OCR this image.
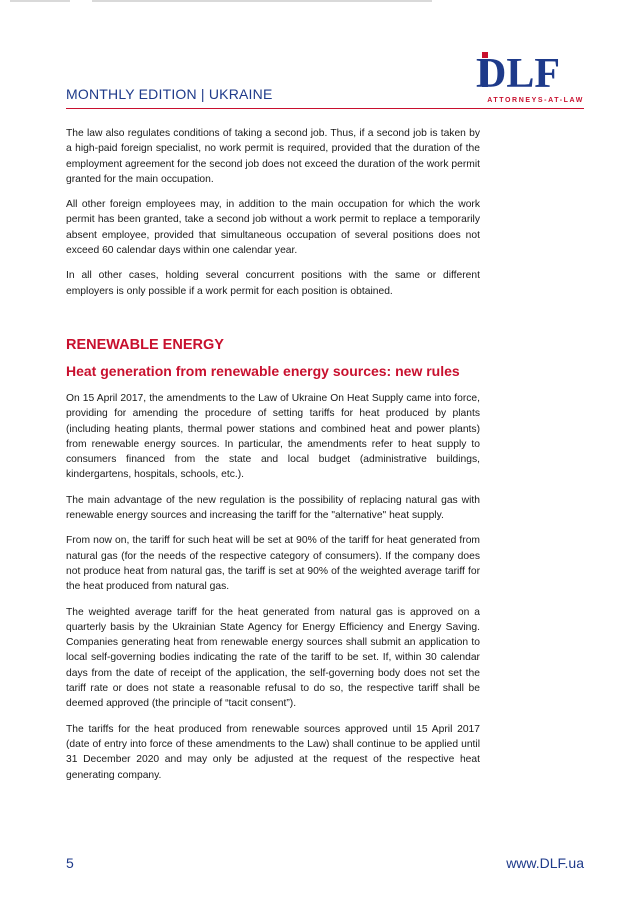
MONTHLY EDITION | UKRAINE	DLF
ATTORNEYS-AT-LAW

The law also regulates conditions of taking a second job. Thus, if a second job is taken by a high-paid foreign specialist, no work permit is required, provided that the duration of the employment agreement for the second job does not exceed the duration of the work permit granted for the main occupation.

All other foreign employees may, in addition to the main occupation for which the work permit has been granted, take a second job without a work permit to replace a temporarily absent employee, provided that simultaneous occupation of several positions does not exceed 60 calendar days within one calendar year.

In all other cases, holding several concurrent positions with the same or different employers is only possible if a work permit for each position is obtained.

RENEWABLE ENERGY
Heat generation from renewable energy sources: new rules

On 15 April 2017, the amendments to the Law of Ukraine On Heat Supply came into force, providing for amending the procedure of setting tariffs for heat produced by plants (including heating plants, thermal power stations and combined heat and power plants) from renewable energy sources. In particular, the amendments refer to heat supply to consumers financed from the state and local budget (administrative buildings, kindergartens, hospitals, schools, etc.).

The main advantage of the new regulation is the possibility of replacing natural gas with renewable energy sources and increasing the tariff for the "alternative" heat supply.

From now on, the tariff for such heat will be set at 90% of the tariff for heat generated from natural gas (for the needs of the respective category of consumers). If the company does not produce heat from natural gas, the tariff is set at 90% of the weighted average tariff for the heat produced from natural gas.

The weighted average tariff for the heat generated from natural gas is approved on a quarterly basis by the Ukrainian State Agency for Energy Efficiency and Energy Saving. Companies generating heat from renewable energy sources shall submit an application to local self-governing bodies indicating the rate of the tariff to be set. If, within 30 calendar days from the date of receipt of the application, the self-governing body does not set the tariff rate or does not state a reasonable refusal to do so, the respective tariff shall be deemed approved (the principle of “tacit consent”).

The tariffs for the heat produced from renewable sources approved until 15 April 2017 (date of entry into force of these amendments to the Law) shall continue to be applied until 31 December 2020 and may only be adjusted at the request of the respective heat generating company.

5	www.DLF.ua
